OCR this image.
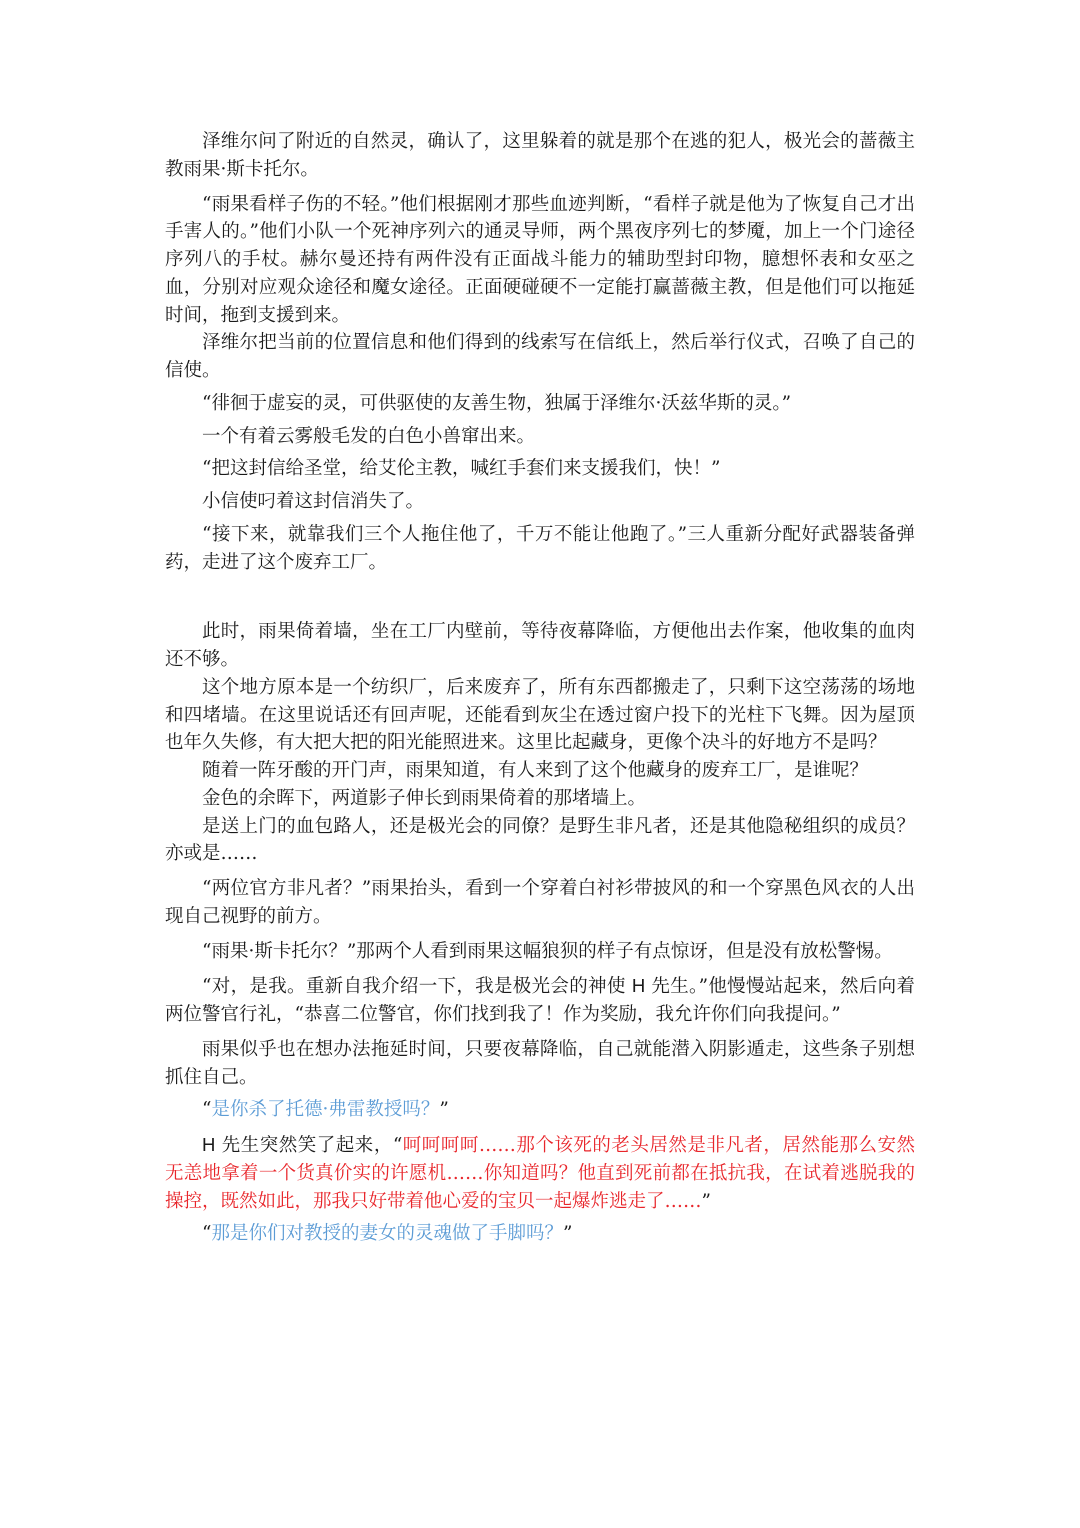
泽维尔问了附近的自然灵，确认了，这里躲着的就是那个在逃的犯人，极光会的蔷薇主教雨果·斯卡托尔。

“雨果看样子伤的不轻。”他们根据刚才那些血迹判断，“看样子就是他为了恢复自己才出手害人的。”他们小队一个死神序列六的通灵导师，两个黑夜序列七的梦魇，加上一个门途径序列八的手杖。赫尔曼还持有两件没有正面战斗能力的辅助型封印物，臆想怀表和女巫之血，分别对应观众途径和魔女途径。正面硬碰硬不一定能打赢蔷薇主教，但是他们可以拖延时间，拖到支援到来。

泽维尔把当前的位置信息和他们得到的线索写在信纸上，然后举行仪式，召唤了自己的信使。

“徘徊于虚妄的灵，可供驱使的友善生物，独属于泽维尔·沃兹华斯的灵。”

一个有着云雾般毛发的白色小兽窜出来。

“把这封信给圣堂，给艾伦主教，喊红手套们来支援我们，快！”

小信使叼着这封信消失了。

“接下来，就靠我们三个人拖住他了，千万不能让他跑了。”三人重新分配好武器装备弹药，走进了这个废弃工厂。

此时，雨果倚着墙，坐在工厂内壁前，等待夜幕降临，方便他出去作案，他收集的血肉还不够。

这个地方原本是一个纺织厂，后来废弃了，所有东西都搬走了，只剩下这空荡荡的场地和四堵墙。在这里说话还有回声呢，还能看到灰尘在透过窗户投下的光柱下飞舞。因为屋顶也年久失修，有大把大把的阳光能照进来。这里比起藏身，更像个决斗的好地方不是吗？

随着一阵牙酸的开门声，雨果知道，有人来到了这个他藏身的废弃工厂，是谁呢？

金色的余晖下，两道影子伸长到雨果倚着的那堵墙上。

是送上门的血包路人，还是极光会的同僚？是野生非凡者，还是其他隐秘组织的成员？亦或是……

“两位官方非凡者？”雨果抬头，看到一个穿着白衬衫带披风的和一个穿黑色风衣的人出现自己视野的前方。

“雨果·斯卡托尔？”那两个人看到雨果这幅狼狈的样子有点惊讶，但是没有放松警惕。

“对，是我。重新自我介绍一下，我是极光会的神使 H 先生。”他慢慢站起来，然后向着两位警官行礼，“恭喜二位警官，你们找到我了！作为奖励，我允许你们向我提问。”

雨果似乎也在想办法拖延时间，只要夜幕降临，自己就能潜入阴影遁走，这些条子别想抓住自己。

“是你杀了托德·弗雷教授吗？”

H 先生突然笑了起来，“呵呵呵呵……那个该死的老头居然是非凡者，居然能那么安然无恙地拿着一个货真价实的许愿机……你知道吗？他直到死前都在抵抗我，在试着逃脱我的操控，既然如此，那我只好带着他心爱的宝贝一起爆炸逃走了……”

“那是你们对教授的妻女的灵魂做了手脚吗？”
